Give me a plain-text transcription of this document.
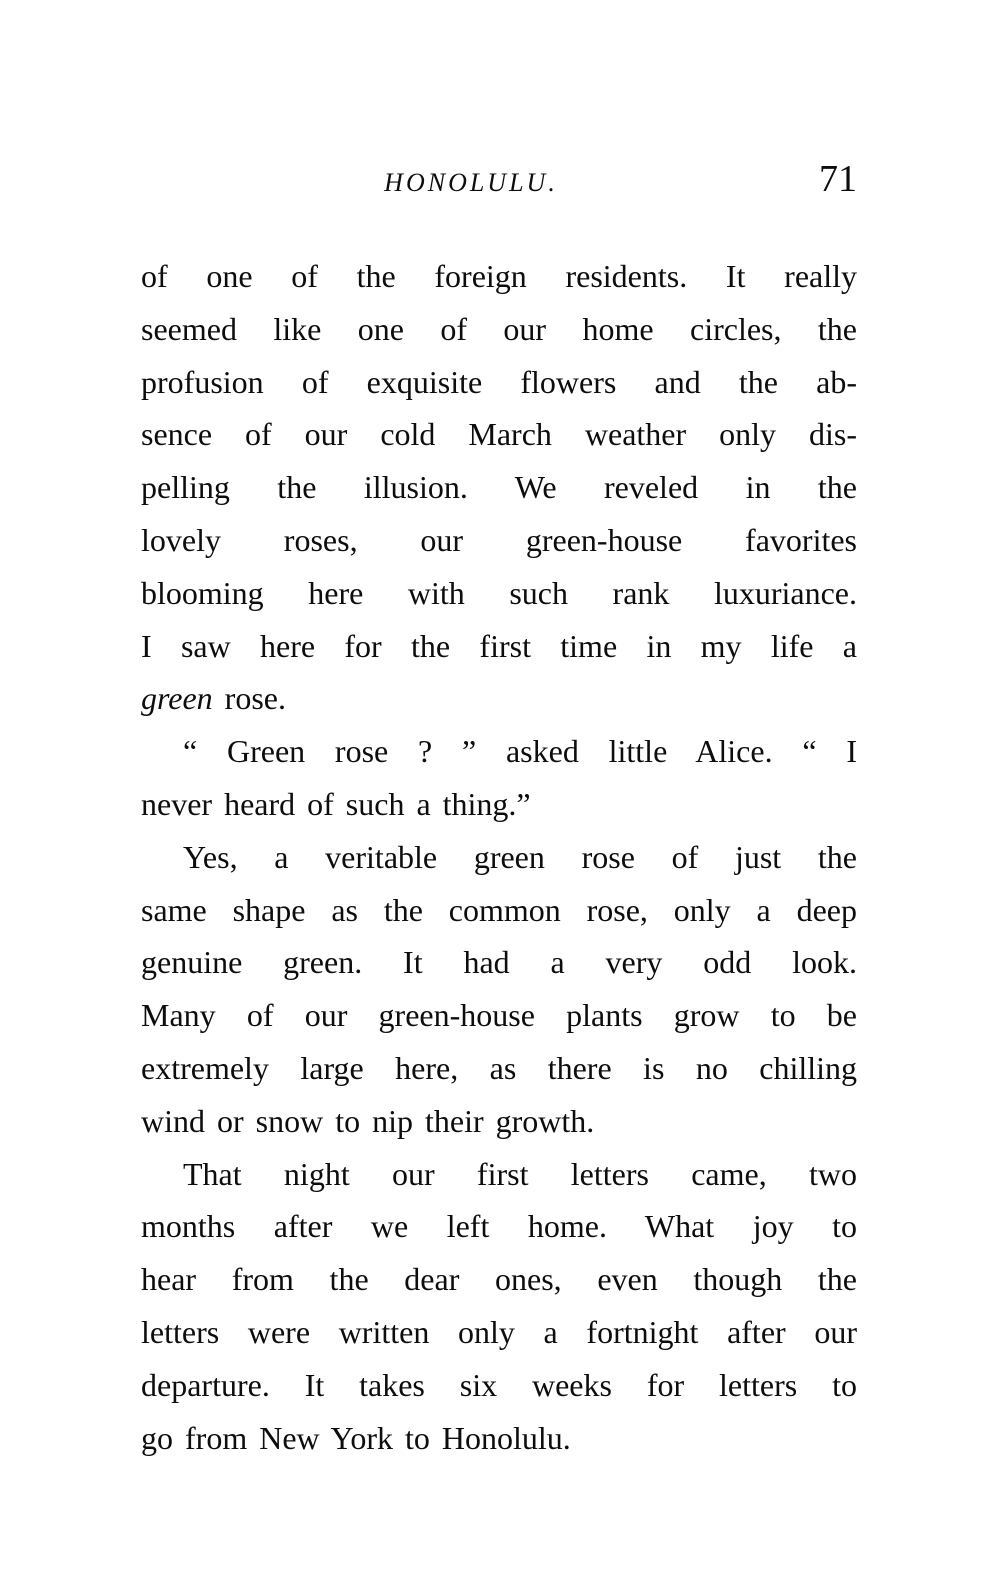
HONOLULU.	71
of one of the foreign residents. It really
seemed like one of our home circles, the
profusion of exquisite flowers and the ab-
sence of our cold March weather only dis-
pelling the illusion. We reveled in the
lovely roses, our green-house favorites
blooming here with such rank luxuriance.
I saw here for the first time in my life a
green rose.
“ Green rose ? ” asked little Alice. “ I
never heard of such a thing.”
Yes, a veritable green rose of just the
same shape as the common rose, only a deep
genuine green. It had a very odd look.
Many of our green-house plants grow to be
extremely large here, as there is no chilling
wind or snow to nip their growth.
That night our first letters came, two
months after we left home. What joy to
hear from the dear ones, even though the
letters were written only a fortnight after our
departure. It takes six weeks for letters to
go from New York to Honolulu.
